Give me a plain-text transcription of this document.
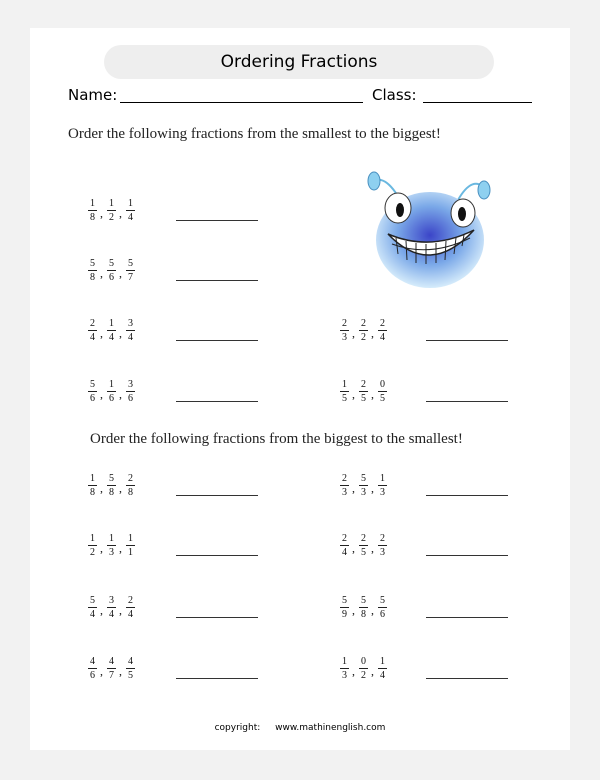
Ordering Fractions
Name:	Class:
Order the following fractions from the smallest to the biggest!
Order the following fractions from the biggest to the smallest!
$\frac{1}{8}$ , $\frac{1}{2}$ , $\frac{1}{4}$
$\frac{5}{8}$ , $\frac{5}{6}$ , $\frac{5}{7}$
$\frac{2}{4}$ , $\frac{1}{4}$ , $\frac{3}{4}$
$\frac{5}{6}$ , $\frac{1}{6}$ , $\frac{3}{6}$
$\frac{2}{3}$ , $\frac{2}{2}$ , $\frac{2}{4}$
$\frac{1}{5}$ , $\frac{2}{5}$ , $\frac{0}{5}$
$\frac{1}{8}$ , $\frac{5}{8}$ , $\frac{2}{8}$
$\frac{1}{2}$ , $\frac{1}{3}$ , $\frac{1}{1}$
$\frac{5}{4}$ , $\frac{3}{4}$ , $\frac{2}{4}$
$\frac{4}{6}$ , $\frac{4}{7}$ , $\frac{4}{5}$
$\frac{2}{3}$ , $\frac{5}{3}$ , $\frac{1}{3}$
$\frac{2}{4}$ , $\frac{2}{5}$ , $\frac{2}{3}$
$\frac{5}{9}$ , $\frac{5}{8}$ , $\frac{5}{6}$
$\frac{1}{3}$ , $\frac{0}{2}$ , $\frac{1}{4}$
copyright: www.mathinenglish.com
